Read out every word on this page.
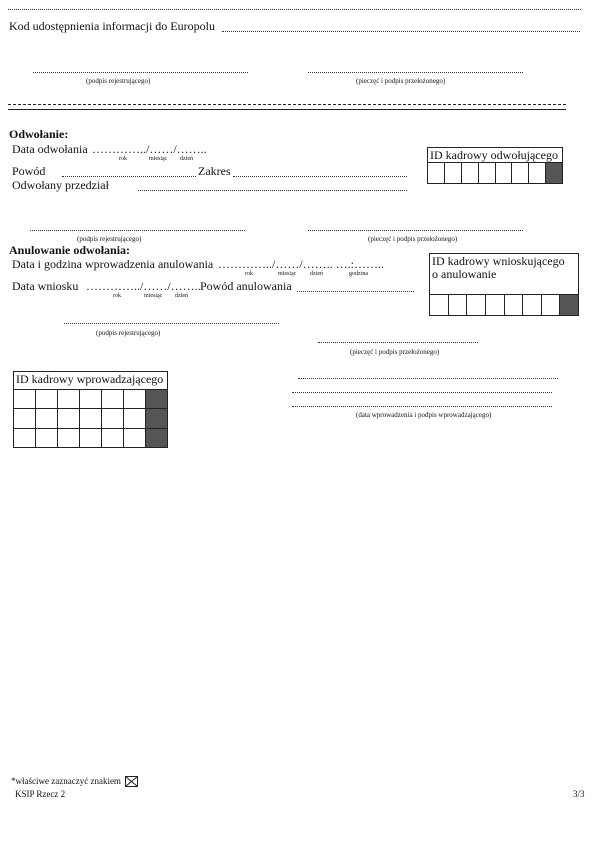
Kod udostępnienia informacji do Europolu
(podpis rejestrującego)	(pieczęć i podpis przełożonego)
Odwołanie:
Data odwołania …………../……/……..
rok	miesiąc dzień
Powód	Zakres
Odwołany przedział
ID kadrowy odwołującego

(podpis rejestrującego)	(pieczęć i podpis przełożonego)
Anulowanie odwołania:
Data i godzina wprowadzenia anulowania …………../……/…….. ….:……..
rok	miesiąc dzień	godzina
Data wniosku …………../……/……..
rok	miesiąc dzień
Powód anulowania
ID kadrowy wnioskującego o anulowanie

(podpis rejestrującego)
(pieczęć i podpis przełożonego)
ID kadrowy wprowadzającego

(data wprowadzenia i podpis wprowadzającego)
*właściwe zaznaczyć znakiem
KSIP Rzecz 2	3/3
